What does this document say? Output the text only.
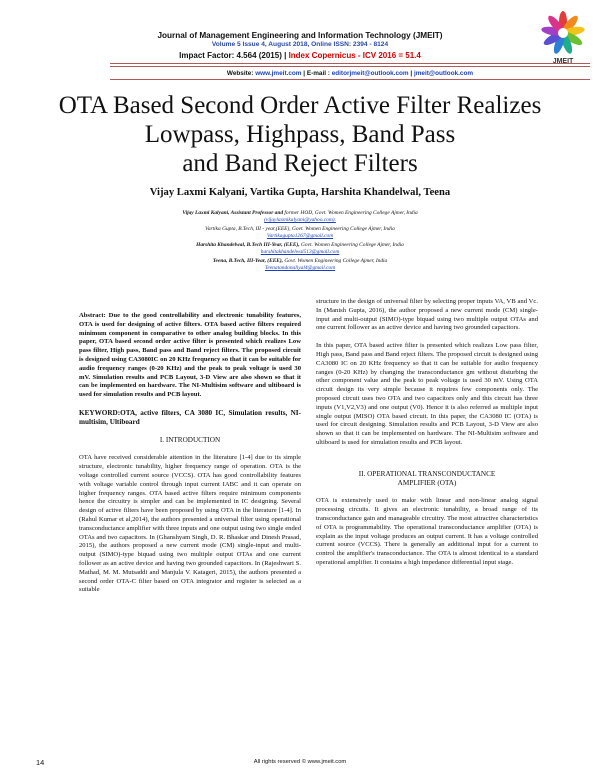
Journal of Management Engineering and Information Technology (JMEIT)
Volume 5 Issue 4, August 2018, Online ISSN: 2394 - 8124
Impact Factor: 4.564 (2015) | Index Copernicus - ICV 2016 = 51.4
Website: www.jmeit.com | E-mail : editorjmeit@outlook.com | jmeit@outlook.com
JMEIT
OTA Based Second Order Active Filter Realizes
Lowpass, Highpass, Band Pass
and Band Reject Filters
Vijay Laxmi Kalyani, Vartika Gupta, Harshita Khandelwal, Teena
Vijay Laxmi Kalyani, Assistant Professor and former HOD, Govt. Women Engineering College Ajmer, India
(vijaylaxmikalyani@yahoo.com).
Vartika Gupta, B.Tech, III - year,(EEE), Govt. Women Engineering College Ajmer, India
Vartikagupta1267@gmail.com
Harshita Khandelwal, B.Tech III-Year, (EEE), Govt. Women Engineering College Ajmer, India
harshitakhandelwal513@gmail.com
Teena, B.Tech, III-Year, (EEE), Govt. Women Engineering College Ajmer, India
Teenatandonaliyal4@gmail.com

Abstract: Due to the good controllability and electronic tunability features, OTA is used for designing of active filters. OTA based active filters required minimum component in comparative to other analog building blocks. In this paper, OTA based second order active filter is presented which realizes Low pass filter, High pass, Band pass and Band reject filters. The proposed circuit is designed using CA3080IC on 20 KHz frequency so that it can be suitable for audio frequency ranges (0-20 KHz) and the peak to peak voltage is used 30 mV. Simulation results and PCB Layout, 3-D View are also shown so that it can be implemented on hardware. The NI-Multisim software and ultiboard is used for simulation results and PCB layout.

KEYWORD:OTA, active filters, CA 3080 IC, Simulation results, NI-multisim, Ultiboard

I. INTRODUCTION

OTA have received considerable attention in the literature [1-4] due to its simple structure, electronic tunability, higher frequency range of operation. OTA is the voltage controlled current source (VCCS). OTA has good controllability features with voltage variable control through input current IABC and it can operate on higher frequency ranges. OTA based active filters require minimum components hence the circuitry is simpler and can be implemented in IC designing. Several design of active filters have been proposed by using OTA in the literature [1-4]. In (Rahul Kumar et al,2014), the authors presented a universal filter using operational transconductance amplifier with three inputs and one output using two single ended OTAs and two capacitors. In (Ghanshyam Singh, D. R. Bhaskar and Dinesh Prasad, 2015), the authors proposed a new current mode (CM) single-input and multi-output (SIMO)-type biquad using two multiple output OTAs and one current follower as an active device and having two grounded capacitors. In (Rajeshwari S. Mathad, M. M. Mutsaddi and Manjula V. Katageri, 2015), the authors presented a second order OTA-C filter based on OTA integrator and register is selected as a suitable

structure in the design of universal filter by selecting proper inputs VA, VB and Vc. In (Manish Gupta, 2016), the author proposed a new current mode (CM) single-input and multi-output (SIMO)-type biquad using two multiple output OTAs and one current follower as an active device and having two grounded capacitors.

In this paper, OTA based active filter is presented which realizes Low pass filter, High pass, Band pass and Band reject filters. The proposed circuit is designed using CA3080 IC on 20 KHz frequency so that it can be suitable for audio frequency ranges (0-20 KHz) by changing the transconductance gm without disturbing the other component value and the peak to peak voltage is used 30 mV. Using OTA circuit design its very simple because it requires few components only. The proposed circuit uses two OTA and two capacitors only and this circuit has three inputs (V1,V2,V3) and one output (V0). Hence it is also referred as multiple input single output (MISO) OTA based circuit. In this paper, the CA3080 IC (OTA) is used for circuit designing. Simulation results and PCB Layout, 3-D View are also shown so that it can be implemented on hardware. The NI-Multisim software and ultiboard is used for simulation results and PCB layout.

II. OPERATIONAL TRANSCONDUCTANCE
AMPLIFIER (OTA)

OTA is extensively used to make with linear and non-linear analog signal processing circuits. It gives an electronic tunability, a broad range of its transconductance gain and manageable circuitry. The most attractive characteristics of OTA is programmability. The operational transconductance amplifier (OTA) is explain as the input voltage produces an output current. It has a voltage controlled current source (VCCS). There is generally an additional input for a current to control the amplifier's transconductance. The OTA is almost identical to a standard operational amplifier. It contains a high impedance differential input stage.

All rights reserved © www.jmeit.com
14
